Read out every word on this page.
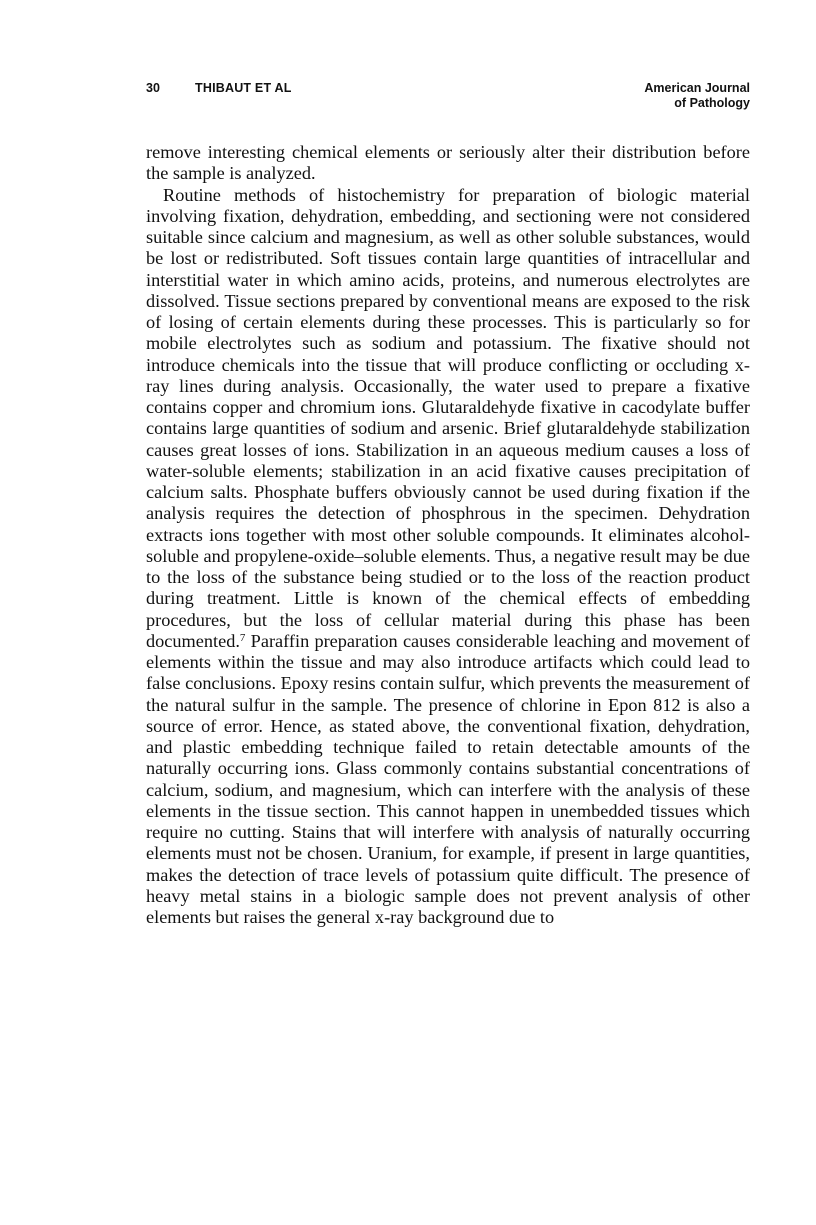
30	THIBAUT ET AL	American Journal
of Pathology

remove interesting chemical elements or seriously alter their distribution before the sample is analyzed.

Routine methods of histochemistry for preparation of biologic material involving fixation, dehydration, embedding, and sectioning were not considered suitable since calcium and magnesium, as well as other soluble substances, would be lost or redistributed. Soft tissues contain large quantities of intracellular and interstitial water in which amino acids, proteins, and numerous electrolytes are dissolved. Tissue sections prepared by conventional means are exposed to the risk of losing of certain elements during these processes. This is particularly so for mobile electrolytes such as sodium and potassium. The fixative should not introduce chemicals into the tissue that will produce conflicting or occluding x-ray lines during analysis. Occasionally, the water used to prepare a fixative contains copper and chromium ions. Glutaraldehyde fixative in cacodylate buffer contains large quantities of sodium and arsenic. Brief glutaraldehyde stabilization causes great losses of ions. Stabilization in an aqueous medium causes a loss of water-soluble elements; stabilization in an acid fixative causes precipitation of calcium salts. Phosphate buffers obviously cannot be used during fixation if the analysis requires the detection of phosphrous in the specimen. Dehydration extracts ions together with most other soluble compounds. It eliminates alcohol-soluble and propylene-oxide–soluble elements. Thus, a negative result may be due to the loss of the substance being studied or to the loss of the reaction product during treatment. Little is known of the chemical effects of embedding procedures, but the loss of cellular material during this phase has been documented.$^7$ Paraffin preparation causes considerable leaching and movement of elements within the tissue and may also introduce artifacts which could lead to false conclusions. Epoxy resins contain sulfur, which prevents the measurement of the natural sulfur in the sample. The presence of chlorine in Epon 812 is also a source of error. Hence, as stated above, the conventional fixation, dehydration, and plastic embedding technique failed to retain detectable amounts of the naturally occurring ions. Glass commonly contains substantial concentrations of calcium, sodium, and magnesium, which can interfere with the analysis of these elements in the tissue section. This cannot happen in unembedded tissues which require no cutting. Stains that will interfere with analysis of naturally occurring elements must not be chosen. Uranium, for example, if present in large quantities, makes the detection of trace levels of potassium quite difficult. The presence of heavy metal stains in a biologic sample does not prevent analysis of other elements but raises the general x-ray background due to
